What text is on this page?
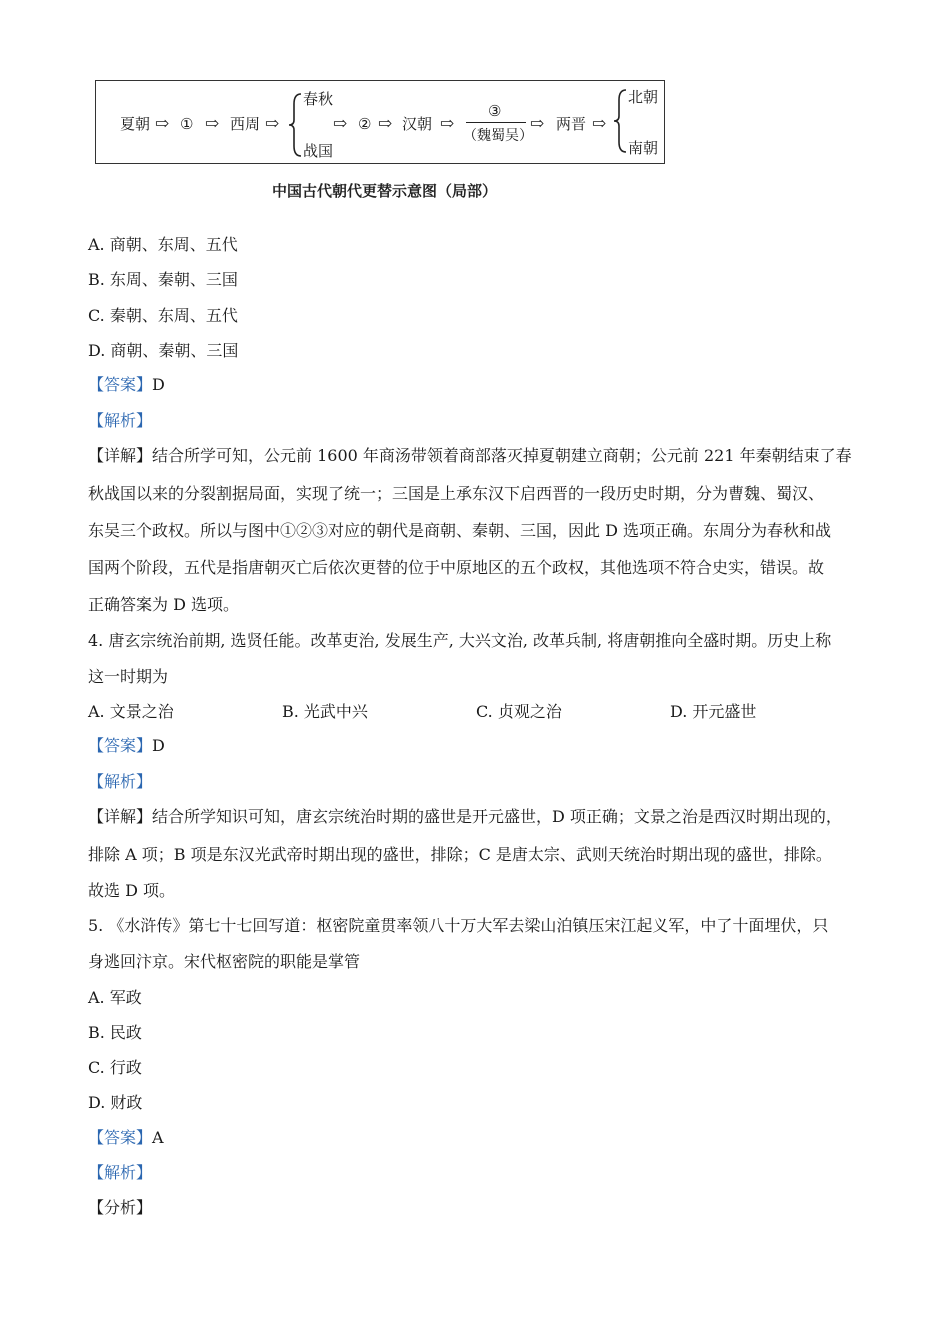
夏朝 ⇨ ① ⇨ 西周 ⇨
春秋
战国
⇨ ② ⇨ 汉朝 ⇨
③
（魏蜀吴）
⇨ 两晋 ⇨
北朝
南朝
中国古代朝代更替示意图（局部）
A. 商朝、东周、五代
B. 东周、秦朝、三国
C. 秦朝、东周、五代
D. 商朝、秦朝、三国
【答案】D
【解析】
【详解】结合所学可知，公元前 1600 年商汤带领着商部落灭掉夏朝建立商朝；公元前 221 年秦朝结束了春
秋战国以来的分裂割据局面，实现了统一；三国是上承东汉下启西晋的一段历史时期，分为曹魏、蜀汉、
东吴三个政权。所以与图中①②③对应的朝代是商朝、秦朝、三国，因此 D 选项正确。东周分为春秋和战
国两个阶段，五代是指唐朝灭亡后依次更替的位于中原地区的五个政权，其他选项不符合史实，错误。故
正确答案为 D 选项。
4. 唐玄宗统治前期, 选贤任能。改革吏治, 发展生产, 大兴文治, 改革兵制, 将唐朝推向全盛时期。历史上称
这一时期为
A. 文景之治	B. 光武中兴	C. 贞观之治	D. 开元盛世
【答案】D
【解析】
【详解】结合所学知识可知，唐玄宗统治时期的盛世是开元盛世，D 项正确；文景之治是西汉时期出现的，
排除 A 项；B 项是东汉光武帝时期出现的盛世，排除；C 是唐太宗、武则天统治时期出现的盛世，排除。
故选 D 项。
5. 《水浒传》第七十七回写道：枢密院童贯率领八十万大军去梁山泊镇压宋江起义军，中了十面埋伏，只
身逃回汴京。宋代枢密院的职能是掌管
A. 军政
B. 民政
C. 行政
D. 财政
【答案】A
【解析】
【分析】
